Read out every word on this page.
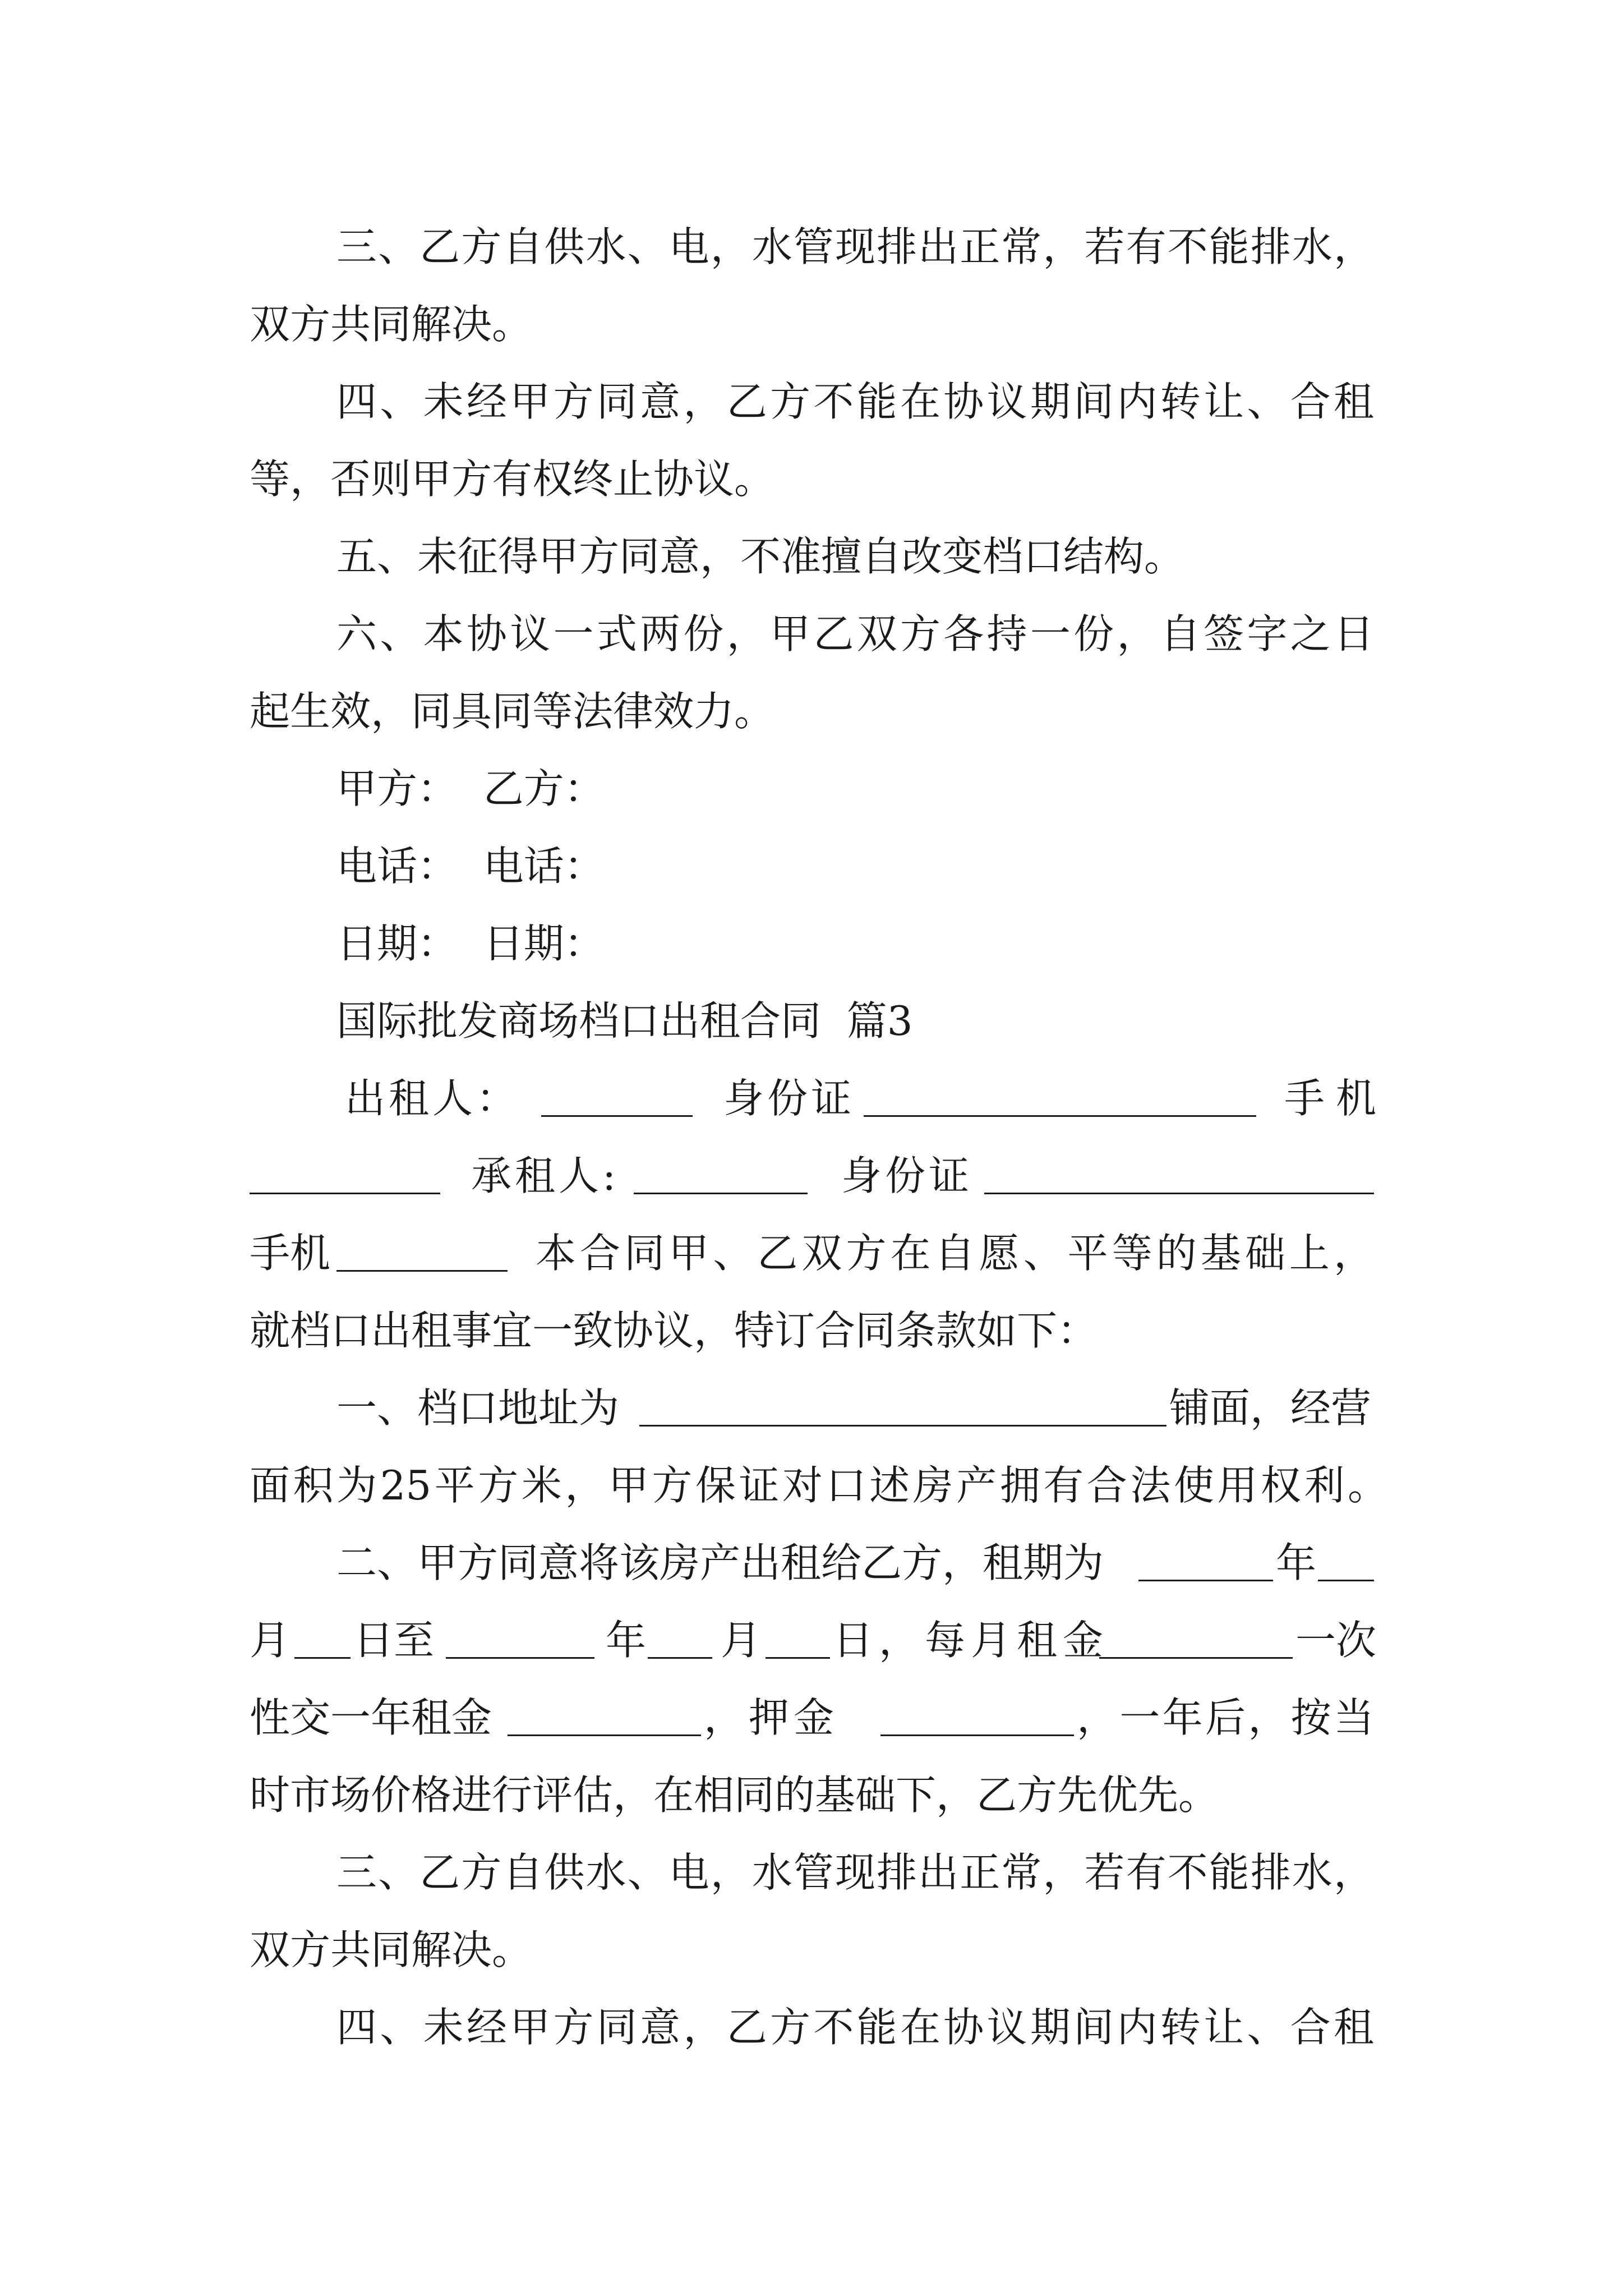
三、乙方自供水、电，水管现排出正常，若有不能排水，
双方共同解决。
四、未经甲方同意，乙方不能在协议期间内转让、合租
等，否则甲方有权终止协议。
五、未征得甲方同意，不准擅自改变档口结构。
六、本协议一式两份，甲乙双方各持一份，自签字之日
起生效，同具同等法律效力。
甲方：  乙方：
电话：  电话：
日期：  日期：
国际批发商场档口出租合同  篇3
出租人：	身份证	手机
承租人:	身份证
手机	本合同甲、乙双方在自愿、平等的基础上，
就档口出租事宜一致协议，特订合同条款如下：
一、档口地址为	铺面，经营
面积为25平方米，甲方保证对口述房产拥有合法使用权利。
二、甲方同意将该房产出租给乙方，租期为	年
月 日至	年 月 日，每月租金	一次
性交一年租金	，押金	，一年后，按当
时市场价格进行评估，在相同的基础下，乙方先优先。
三、乙方自供水、电，水管现排出正常，若有不能排水，
双方共同解决。
四、未经甲方同意，乙方不能在协议期间内转让、合租
